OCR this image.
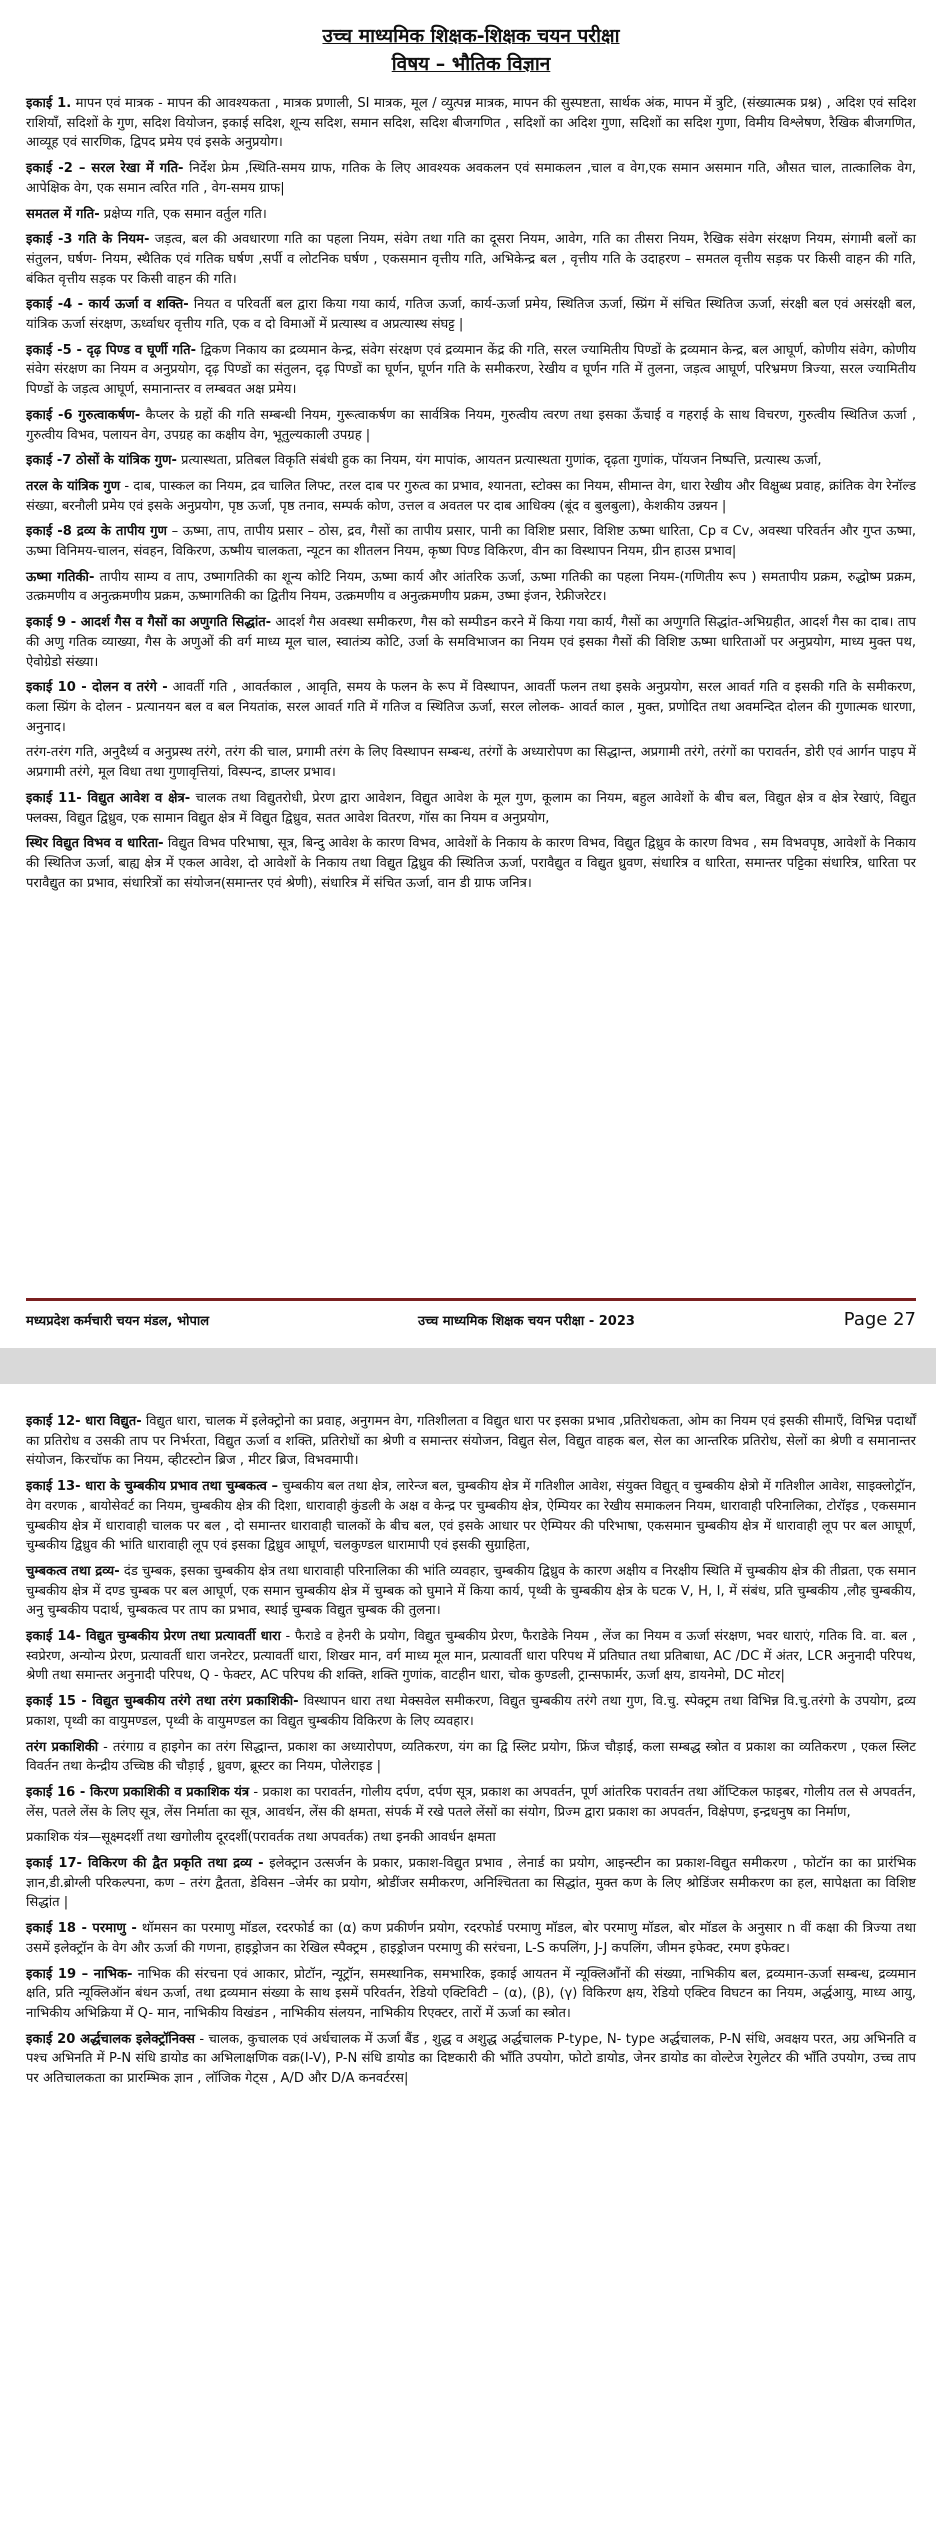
उच्च माध्यमिक शिक्षक-शिक्षक चयन परीक्षा
विषय – भौतिक विज्ञान

इकाई 1. मापन एवं मात्रक - मापन की आवश्यकता , मात्रक प्रणाली, SI मात्रक, मूल / व्युत्पन्न मात्रक, मापन की सुस्पष्टता, सार्थक अंक, मापन में त्रुटि, (संख्यात्मक प्रश्न) , अदिश एवं सदिश राशियाँ, सदिशों के गुण, सदिश वियोजन, इकाई सदिश, शून्य सदिश, समान सदिश, सदिश बीजगणित , सदिशों का अदिश गुणा, सदिशों का सदिश गुणा, विमीय विश्लेषण, रैखिक बीजगणित, आव्यूह एवं सारणिक, द्विपद प्रमेय एवं इसके अनुप्रयोग।

इकाई -2 – सरल रेखा में गति- निर्देश फ्रेम ,स्थिति-समय ग्राफ, गतिक के लिए आवश्यक अवकलन एवं समाकलन ,चाल व वेग,एक समान असमान गति, औसत चाल, तात्कालिक वेग, आपेक्षिक वेग, एक समान त्वरित गति , वेग-समय ग्राफ|

समतल में गति- प्रक्षेप्य गति, एक समान वर्तुल गति।

इकाई -3 गति के नियम- जड़त्व, बल की अवधारणा गति का पहला नियम, संवेग तथा गति का दूसरा नियम, आवेग, गति का तीसरा नियम, रैखिक संवेग संरक्षण नियम, संगामी बलों का संतुलन, घर्षण- नियम, स्थैतिक एवं गतिक घर्षण ,सर्पी व लोटनिक घर्षण , एकसमान वृत्तीय गति, अभिकेन्द्र बल , वृत्तीय गति के उदाहरण – समतल वृत्तीय सड़क पर किसी वाहन की गति, बंकित वृत्तीय सड़क पर किसी वाहन की गति।

इकाई -4 - कार्य ऊर्जा व शक्ति- नियत व परिवर्ती बल द्वारा किया गया कार्य, गतिज ऊर्जा, कार्य-ऊर्जा प्रमेय, स्थितिज ऊर्जा, स्प्रिंग में संचित स्थितिज ऊर्जा, संरक्षी बल एवं असंरक्षी बल, यांत्रिक ऊर्जा संरक्षण, ऊर्ध्वाधर वृत्तीय गति, एक व दो विमाओं में प्रत्यास्थ व अप्रत्यास्थ संघट्ट |

इकाई -5 - दृढ़ पिण्ड व घूर्णी गति- द्विकण निकाय का द्रव्यमान केन्द्र, संवेग संरक्षण एवं द्रव्यमान केंद्र की गति, सरल ज्यामितीय पिण्डों के द्रव्यमान केन्द्र, बल आघूर्ण, कोणीय संवेग, कोणीय संवेग संरक्षण का नियम व अनुप्रयोग, दृढ़ पिण्डों का संतुलन, दृढ़ पिण्डों का घूर्णन, घूर्णन गति के समीकरण, रेखीय व घूर्णन गति में तुलना, जड़त्व आघूर्ण, परिभ्रमण त्रिज्या, सरल ज्यामितीय पिण्डों के जड़त्व आघूर्ण, समानान्तर व लम्बवत अक्ष प्रमेय।

इकाई -6 गुरुत्वाकर्षण- कैप्लर के ग्रहों की गति सम्बन्धी नियम, गुरूत्वाकर्षण का सार्वत्रिक नियम, गुरुत्वीय त्वरण तथा इसका ऊँचाई व गहराई के साथ विचरण, गुरुत्वीय स्थितिज ऊर्जा , गुरुत्वीय विभव, पलायन वेग, उपग्रह का कक्षीय वेग, भूतुल्यकाली उपग्रह |

इकाई -7 ठोसों के यांत्रिक गुण- प्रत्यास्थता, प्रतिबल विकृति संबंधी हुक का नियम, यंग मापांक, आयतन प्रत्यास्थता गुणांक, दृढ़ता गुणांक, पॉयजन निष्पत्ति, प्रत्यास्थ ऊर्जा,

तरल के यांत्रिक गुण - दाब, पास्कल का नियम, द्रव चालित लिफ्ट, तरल दाब पर गुरुत्व का प्रभाव, श्यानता, स्टोक्स का नियम, सीमान्त वेग, धारा रेखीय और विक्षुब्ध प्रवाह, क्रांतिक वेग रेनॉल्ड संख्या, बरनौली प्रमेय एवं इसके अनुप्रयोग, पृष्ठ ऊर्जा, पृष्ठ तनाव, सम्पर्क कोण, उत्तल व अवतल पर दाब आधिक्य (बूंद व बुलबुला), केशकीय उन्नयन |

इकाई -8 द्रव्य के तापीय गुण – ऊष्मा, ताप, तापीय प्रसार – ठोस, द्रव, गैसों का तापीय प्रसार, पानी का विशिष्ट प्रसार, विशिष्ट ऊष्मा धारिता, Cp व Cv, अवस्था परिवर्तन और गुप्त ऊष्मा, ऊष्मा विनिमय-चालन, संवहन, विकिरण, ऊष्मीय चालकता, न्यूटन का शीतलन नियम, कृष्ण पिण्ड विकिरण, वीन का विस्थापन नियम, ग्रीन हाउस प्रभाव|

ऊष्मा गतिकी- तापीय साम्य व ताप, उष्मागतिकी का शून्य कोटि नियम, ऊष्मा कार्य और आंतरिक ऊर्जा, ऊष्मा गतिकी का पहला नियम-(गणितीय रूप ) समतापीय प्रक्रम, रुद्धोष्म प्रक्रम, उत्क्रमणीय व अनुत्क्रमणीय प्रक्रम, ऊष्मागतिकी का द्वितीय नियम, उत्क्रमणीय व अनुत्क्रमणीय प्रक्रम, उष्मा इंजन, रेफ्रीजरेटर।

इकाई 9 - आदर्श गैस व गैसों का अणुगति सिद्धांत- आदर्श गैस अवस्था समीकरण, गैस को सम्पीडन करने में किया गया कार्य, गैसों का अणुगति सिद्धांत-अभिग्रहीत, आदर्श गैस का दाब। ताप की अणु गतिक व्याख्या, गैस के अणुओं की वर्ग माध्य मूल चाल, स्वातंत्र्य कोटि, उर्जा के समविभाजन का नियम एवं इसका गैसों की विशिष्ट ऊष्मा धारिताओं पर अनुप्रयोग, माध्य मुक्त पथ, ऐवोग्रेडो संख्या।

इकाई 10 - दोलन व तरंगे - आवर्ती गति , आवर्तकाल , आवृति, समय के फलन के रूप में विस्थापन, आवर्ती फलन तथा इसके अनुप्रयोग, सरल आवर्त गति व इसकी गति के समीकरण, कला स्प्रिंग के दोलन - प्रत्यानयन बल व बल नियतांक, सरल आवर्त गति में गतिज व स्थितिज ऊर्जा, सरल लोलक- आवर्त काल , मुक्त, प्रणोदित तथा अवमन्दित दोलन की गुणात्मक धारणा, अनुनाद।

तरंग-तरंग गति, अनुदैर्ध्य व अनुप्रस्थ तरंगे, तरंग की चाल, प्रगामी तरंग के लिए विस्थापन सम्बन्ध, तरंगों के अध्यारोपण का सिद्धान्त, अप्रगामी तरंगे, तरंगों का परावर्तन, डोरी एवं आर्गन पाइप में अप्रगामी तरंगे, मूल विधा तथा गुणावृत्तियां, विस्पन्द, डाप्लर प्रभाव।

इकाई 11- विद्युत आवेश व क्षेत्र- चालक तथा विद्युतरोधी, प्रेरण द्वारा आवेशन, विद्युत आवेश के मूल गुण, कूलाम का नियम, बहुल आवेशों के बीच बल, विद्युत क्षेत्र व क्षेत्र रेखाएं, विद्युत फ्लक्स, विद्युत द्विध्रुव, एक सामान विद्युत क्षेत्र में विद्युत द्विध्रुव, सतत आवेश वितरण, गॉस का नियम व अनुप्रयोग,

स्थिर विद्युत विभव व धारिता- विद्युत विभव परिभाषा, सूत्र, बिन्दु आवेश के कारण विभव, आवेशों के निकाय के कारण विभव, विद्युत द्विध्रुव के कारण विभव , सम विभवपृष्ठ, आवेशों के निकाय की स्थितिज ऊर्जा, बाह्य क्षेत्र में एकल आवेश, दो आवेशों के निकाय तथा विद्युत द्विध्रुव की स्थितिज ऊर्जा, परावैद्युत व विद्युत ध्रुवण, संधारित्र व धारिता, समान्तर पट्टिका संधारित्र, धारिता पर परावैद्युत का प्रभाव, संधारित्रों का संयोजन(समान्तर एवं श्रेणी), संधारित्र में संचित ऊर्जा, वान डी ग्राफ जनित्र।

मध्यप्रदेश कर्मचारी चयन मंडल, भोपाल	उच्च माध्यमिक शिक्षक चयन परीक्षा - 2023	Page 27

इकाई 12- धारा विद्युत- विद्युत धारा, चालक में इलेक्ट्रोनो का प्रवाह, अनुगमन वेग, गतिशीलता व विद्युत धारा पर इसका प्रभाव ,प्रतिरोधकता, ओम का नियम एवं इसकी सीमाएँ, विभिन्न पदार्थों का प्रतिरोध व उसकी ताप पर निर्भरता, विद्युत ऊर्जा व शक्ति, प्रतिरोधों का श्रेणी व समान्तर संयोजन, विद्युत सेल, विद्युत वाहक बल, सेल का आन्तरिक प्रतिरोध, सेलों का श्रेणी व समानान्तर संयोजन, किरचॉफ का नियम, व्हीटस्टोन ब्रिज , मीटर ब्रिज, विभवमापी।

इकाई 13- धारा के चुम्बकीय प्रभाव तथा चुम्बकत्व – चुम्बकीय बल तथा क्षेत्र, लारेन्ज बल, चुम्बकीय क्षेत्र में गतिशील आवेश, संयुक्त विद्युत् व चुम्बकीय क्षेत्रो में गतिशील आवेश, साइक्लोट्रॉन, वेग वरणक , बायोसेवर्ट का नियम, चुम्बकीय क्षेत्र की दिशा, धारावाही कुंडली के अक्ष व केन्द्र पर चुम्बकीय क्षेत्र, ऐम्पियर का रेखीय समाकलन नियम, धारावाही परिनालिका, टोरॉइड , एकसमान चुम्बकीय क्षेत्र में धारावाही चालक पर बल , दो समान्तर धारावाही चालकों के बीच बल, एवं इसके आधार पर ऐम्पियर की परिभाषा, एकसमान चुम्बकीय क्षेत्र में धारावाही लूप पर बल आघूर्ण, चुम्बकीय द्विध्रुव की भांति धारावाही लूप एवं इसका द्विध्रुव आघूर्ण, चलकुण्डल धारामापी एवं इसकी सुग्राहिता,

चुम्बकत्व तथा द्रव्य- दंड चुम्बक, इसका चुम्बकीय क्षेत्र तथा धारावाही परिनालिका की भांति व्यवहार, चुम्बकीय द्विध्रुव के कारण अक्षीय व निरक्षीय स्थिति में चुम्बकीय क्षेत्र की तीव्रता, एक समान चुम्बकीय क्षेत्र में दण्ड चुम्बक पर बल आघूर्ण, एक समान चुम्बकीय क्षेत्र में चुम्बक को घुमाने में किया कार्य, पृथ्वी के चुम्बकीय क्षेत्र के घटक V, H, I, में संबंध, प्रति चुम्बकीय ,लौह चुम्बकीय, अनु चुम्बकीय पदार्थ, चुम्बकत्व पर ताप का प्रभाव, स्थाई चुम्बक विद्युत चुम्बक की तुलना।

इकाई 14- विद्युत चुम्बकीय प्रेरण तथा प्रत्यावर्ती धारा - फैराडे व हेनरी के प्रयोग, विद्युत चुम्बकीय प्रेरण, फैराडेके नियम , लेंज का नियम व ऊर्जा संरक्षण, भवर धाराएं, गतिक वि. वा. बल , स्वप्रेरण, अन्योन्य प्रेरण, प्रत्यावर्ती धारा जनरेटर, प्रत्यावर्ती धारा, शिखर मान, वर्ग माध्य मूल मान, प्रत्यावर्ती धारा परिपथ में प्रतिघात तथा प्रतिबाधा, AC /DC में अंतर, LCR अनुनादी परिपथ, श्रेणी तथा समान्तर अनुनादी परिपथ, Q - फेक्टर, AC परिपथ की शक्ति, शक्ति गुणांक, वाटहीन धारा, चोक कुण्डली, ट्रान्सफार्मर, ऊर्जा क्षय, डायनेमो, DC मोटर|

इकाई 15 - विद्युत चुम्बकीय तरंगे तथा तरंग प्रकाशिकी- विस्थापन धारा तथा मेक्सवेल समीकरण, विद्युत चुम्बकीय तरंगे तथा गुण, वि.चु. स्पेक्ट्रम तथा विभिन्न वि.चु.तरंगो के उपयोग, द्रव्य प्रकाश, पृथ्वी का वायुमण्डल, पृथ्वी के वायुमण्डल का विद्युत चुम्बकीय विकिरण के लिए व्यवहार।

तरंग प्रकाशिकी - तरंगाग्र व हाइगेन का तरंग सिद्धान्त, प्रकाश का अध्यारोपण, व्यतिकरण, यंग का द्वि स्लिट प्रयोग, फ्रिंज चौड़ाई, कला सम्बद्ध स्त्रोत व प्रकाश का व्यतिकरण , एकल स्लिट विवर्तन तथा केन्द्रीय उच्चिष्ठ की चौड़ाई , ध्रुवण, ब्रूस्टर का नियम, पोलेराइड |

इकाई 16 - किरण प्रकाशिकी व प्रकाशिक यंत्र - प्रकाश का परावर्तन, गोलीय दर्पण, दर्पण सूत्र, प्रकाश का अपवर्तन, पूर्ण आंतरिक परावर्तन तथा ऑप्टिकल फाइबर, गोलीय तल से अपवर्तन, लेंस, पतले लेंस के लिए सूत्र, लेंस निर्माता का सूत्र, आवर्धन, लेंस की क्षमता, संपर्क में रखे पतले लेंसों का संयोग, प्रिज्म द्वारा प्रकाश का अपवर्तन, विक्षेपण, इन्द्रधनुष का निर्माण,

प्रकाशिक यंत्र—सूक्ष्मदर्शी तथा खगोलीय दूरदर्शी(परावर्तक तथा अपवर्तक) तथा इनकी आवर्धन क्षमता

इकाई 17- विकिरण की द्वैत प्रकृति तथा द्रव्य - इलेक्ट्रान उत्सर्जन के प्रकार, प्रकाश-विद्युत प्रभाव , लेनार्ड का प्रयोग, आइन्स्टीन का प्रकाश-विद्युत समीकरण , फोटॉन का का प्रारंभिक ज्ञान,डी.ब्रोग्ली परिकल्पना, कण – तरंग द्वैतता, डेविसन –जेर्मर का प्रयोग, श्रोडींजर समीकरण, अनिश्चितता का सिद्धांत, मुक्त कण के लिए श्रोडिंजर समीकरण का हल, सापेक्षता का विशिष्ट सिद्धांत |

इकाई 18 - परमाणु - थॉमसन का परमाणु मॉडल, रदरफोर्ड का (α) कण प्रकीर्णन प्रयोग, रदरफोर्ड परमाणु मॉडल, बोर परमाणु मॉडल, बोर मॉडल के अनुसार n वीं कक्षा की त्रिज्या तथा उसमें इलेक्ट्रॉन के वेग और ऊर्जा की गणना, हाइड्रोजन का रेखिल स्पैक्ट्रम , हाइड्रोजन परमाणु की सरंचना, L-S कपलिंग, J-J कपलिंग, जीमन इफेक्ट, रमण इफेक्ट।

इकाई 19 – नाभिक- नाभिक की संरचना एवं आकार, प्रोटॉन, न्यूट्रॉन, समस्थानिक, समभारिक, इकाई आयतन में न्यूक्लिआँनों की संख्या, नाभिकीय बल, द्रव्यमान-ऊर्जा सम्बन्ध, द्रव्यमान क्षति, प्रति न्यूक्लिऑन बंधन ऊर्जा, तथा द्रव्यमान संख्या के साथ इसमें परिवर्तन, रेडियो एक्टिविटी – (α), (β), (γ) विकिरण क्षय, रेडियो एक्टिव विघटन का नियम, अर्द्धआयु, माध्य आयु, नाभिकीय अभिक्रिया में Q- मान, नाभिकीय विखंडन , नाभिकीय संलयन, नाभिकीय रिएक्टर, तारों में ऊर्जा का स्त्रोत।

इकाई 20 अर्द्धचालक इलेक्ट्रॉनिक्स - चालक, कुचालक एवं अर्धचालक में ऊर्जा बैंड , शुद्ध व अशुद्ध अर्द्धचालक P-type, N- type अर्द्धचालक, P-N संधि, अवक्षय परत, अग्र अभिनति व पश्च अभिनति में P-N संधि डायोड का अभिलाक्षणिक वक्र(I-V), P-N संधि डायोड का दिष्टकारी की भाँति उपयोग, फोटो डायोड, जेनर डायोड का वोल्टेज रेगुलेटर की भाँति उपयोग, उच्च ताप पर अतिचालकता का प्रारम्भिक ज्ञान , लॉजिक गेट्स , A/D और D/A कनवर्टरस|
